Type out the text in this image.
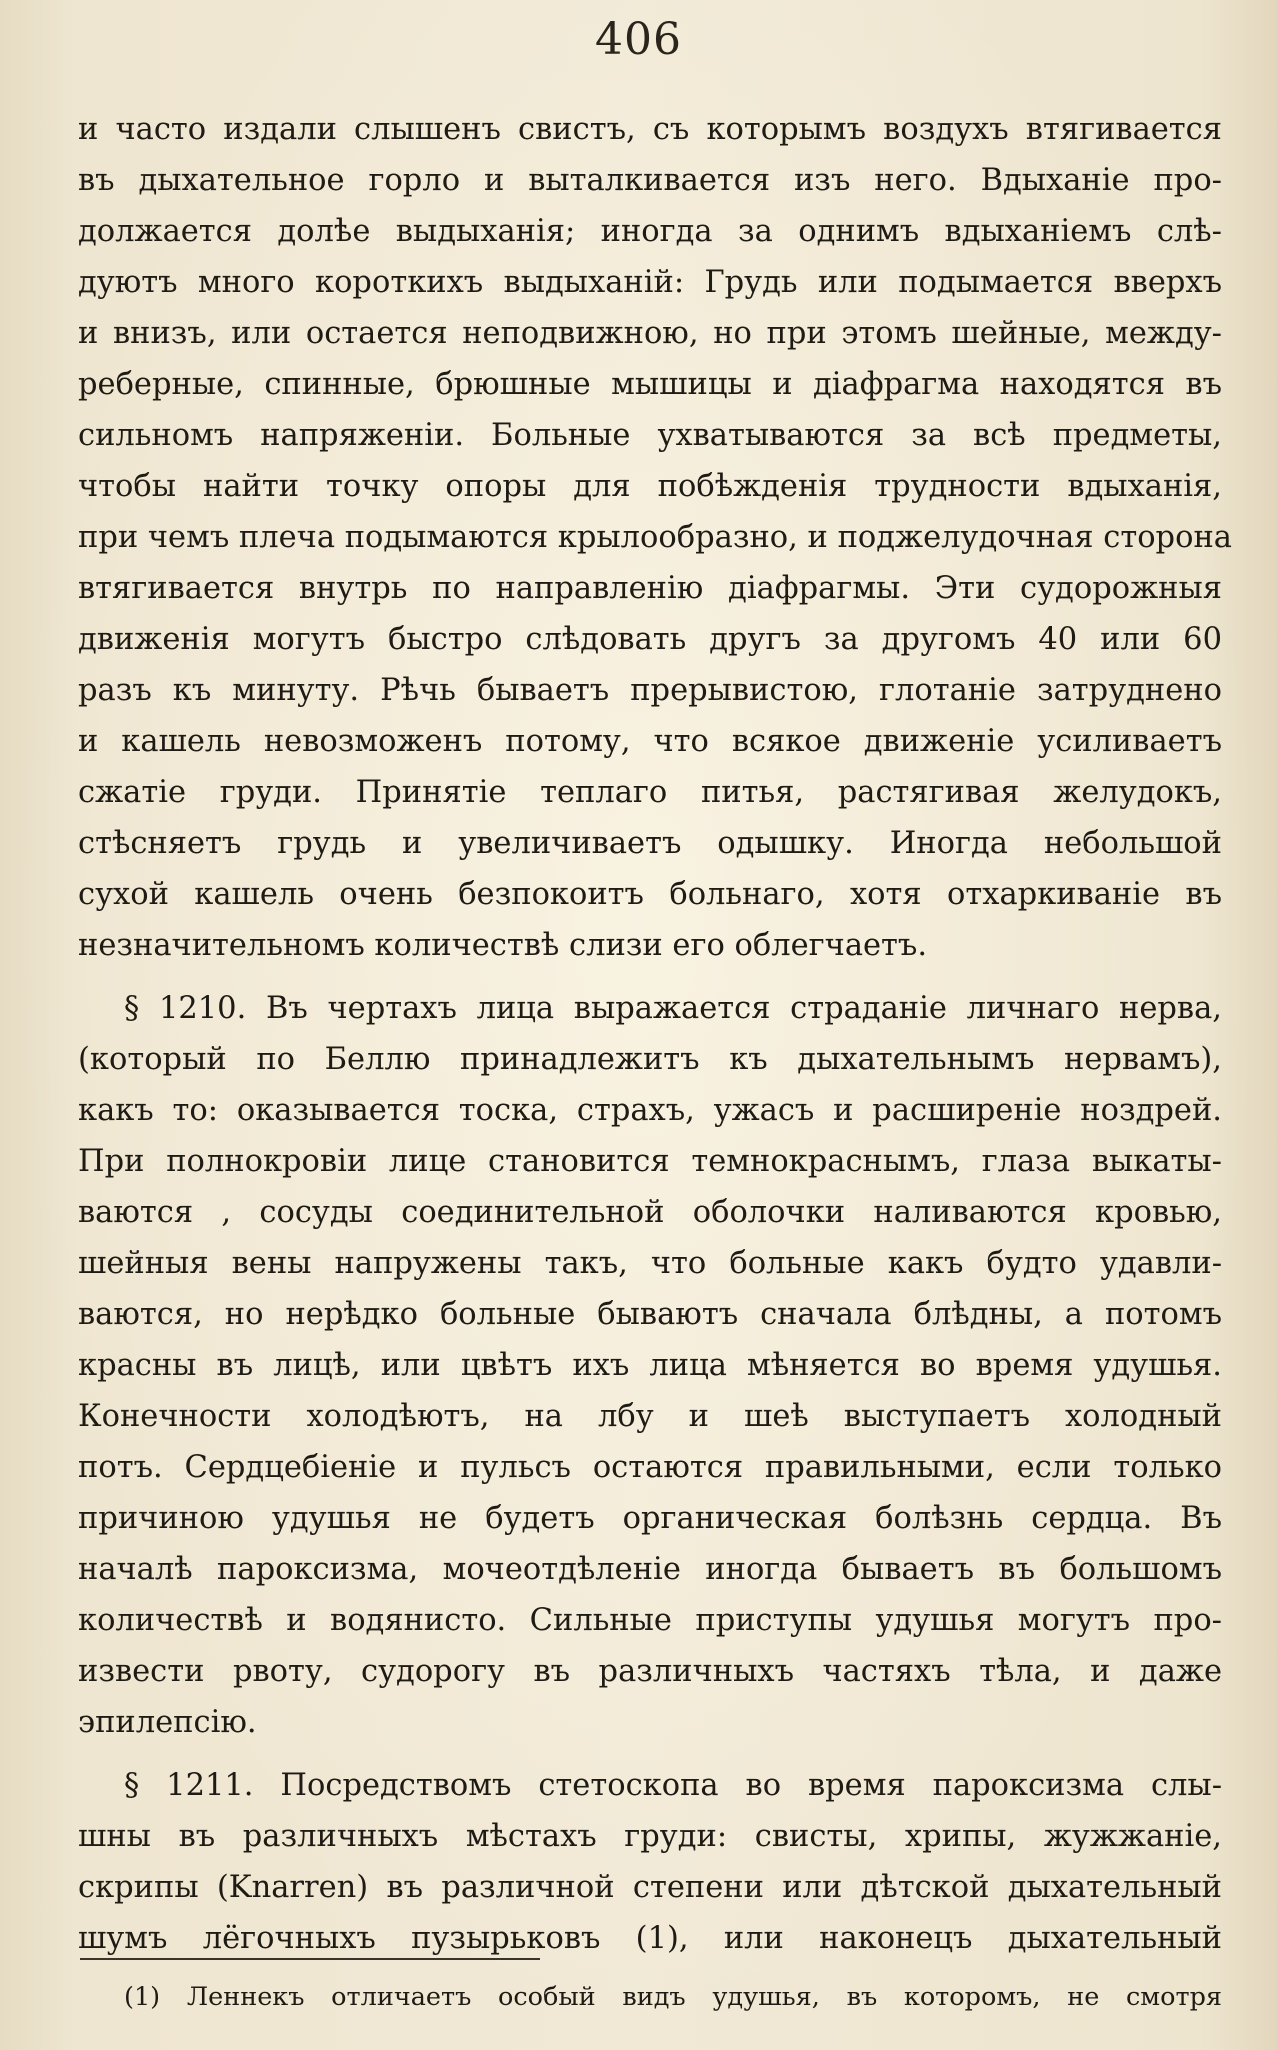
406
и часто издали слышенъ свистъ, съ которымъ воздухъ втягивается
въ дыхательное горло и выталкивается изъ него. Вдыханіе про-
должается долѣе выдыханія; иногда за однимъ вдыханіемъ слѣ-
дуютъ много короткихъ выдыханій: Грудь или подымается вверхъ
и внизъ, или остается неподвижною, но при этомъ шейные, между-
реберные, спинные, брюшные мышицы и діафрагма находятся въ
сильномъ напряженіи. Больные ухватываются за всѣ предметы,
чтобы найти точку опоры для побѣжденія трудности вдыханія,
при чемъ плеча подымаются крылообразно, и поджелудочная сторона
втягивается внутрь по направленію діафрагмы. Эти судорожныя
движенія могутъ быстро слѣдовать другъ за другомъ 40 или 60
разъ къ минуту. Рѣчь бываетъ прерывистою, глотаніе затруднено
и кашель невозможенъ потому, что всякое движеніе усиливаетъ
сжатіе груди. Принятіе теплаго питья, растягивая желудокъ,
стѣсняетъ грудь и увеличиваетъ одышку. Иногда небольшой
сухой кашель очень безпокоитъ больнаго, хотя отхаркиваніе въ
незначительномъ количествѣ слизи его облегчаетъ.
§ 1210. Въ чертахъ лица выражается страданіе личнаго нерва,
(который по Беллю принадлежитъ къ дыхательнымъ нервамъ),
какъ то: оказывается тоска, страхъ, ужасъ и расширеніе ноздрей.
При полнокровіи лице становится темнокраснымъ, глаза выкаты-
ваются , сосуды соединительной оболочки наливаются кровью,
шейныя вены напружены такъ, что больные какъ будто удавли-
ваются, но нерѣдко больные бываютъ сначала блѣдны, а потомъ
красны въ лицѣ, или цвѣтъ ихъ лица мѣняется во время удушья.
Конечности холодѣютъ, на лбу и шеѣ выступаетъ холодный
потъ. Сердцебіеніе и пульсъ остаются правильными, если только
причиною удушья не будетъ органическая болѣзнь сердца. Въ
началѣ пароксизма, мочеотдѣленіе иногда бываетъ въ большомъ
количествѣ и водянисто. Сильные приступы удушья могутъ про-
извести рвоту, судорогу въ различныхъ частяхъ тѣла, и даже
эпилепсію.
§ 1211. Посредствомъ стетоскопа во время пароксизма слы-
шны въ различныхъ мѣстахъ груди: свисты, хрипы, жужжаніе,
скрипы (Knarren) въ различной степени или дѣтской дыхательный
шумъ лёгочныхъ пузырьковъ (1), или наконецъ дыхательный
(1) Леннекъ отличаетъ особый видъ удушья, въ которомъ, не смотря
